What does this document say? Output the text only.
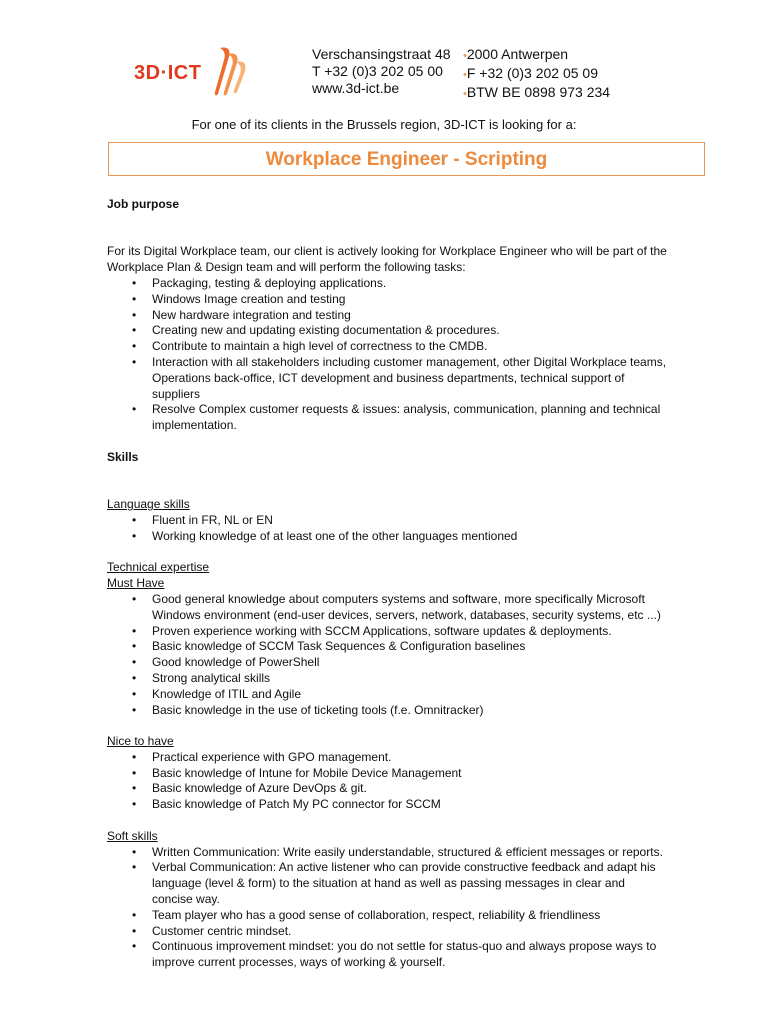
3D·ICT
Verschansingstraat 48
T +32 (0)3 202 05 00
www.3d-ict.be
•2000 Antwerpen
•F +32 (0)3 202 05 09
•BTW BE 0898 973 234
For one of its clients in the Brussels region, 3D-ICT is looking for a:
Workplace Engineer - Scripting
Job purpose
For its Digital Workplace team, our client is actively looking for Workplace Engineer who will be part of the Workplace Plan & Design team and will perform the following tasks:
• Packaging, testing & deploying applications.
• Windows Image creation and testing
• New hardware integration and testing
• Creating new and updating existing documentation & procedures.
• Contribute to maintain a high level of correctness to the CMDB.
• Interaction with all stakeholders including customer management, other Digital Workplace teams, Operations back-office, ICT development and business departments, technical support of suppliers
• Resolve Complex customer requests & issues: analysis, communication, planning and technical implementation.
Skills
Language skills
• Fluent in FR, NL or EN
• Working knowledge of at least one of the other languages mentioned
Technical expertise
Must Have
• Good general knowledge about computers systems and software, more specifically Microsoft Windows environment (end-user devices, servers, network, databases, security systems, etc ...)
• Proven experience working with SCCM Applications, software updates & deployments.
• Basic knowledge of SCCM Task Sequences & Configuration baselines
• Good knowledge of PowerShell
• Strong analytical skills
• Knowledge of ITIL and Agile
• Basic knowledge in the use of ticketing tools (f.e. Omnitracker)
Nice to have
• Practical experience with GPO management.
• Basic knowledge of Intune for Mobile Device Management
• Basic knowledge of Azure DevOps & git.
• Basic knowledge of Patch My PC connector for SCCM
Soft skills
• Written Communication: Write easily understandable, structured & efficient messages or reports.
• Verbal Communication: An active listener who can provide constructive feedback and adapt his language (level & form) to the situation at hand as well as passing messages in clear and concise way.
• Team player who has a good sense of collaboration, respect, reliability & friendliness
• Customer centric mindset.
• Continuous improvement mindset: you do not settle for status-quo and always propose ways to improve current processes, ways of working & yourself.
